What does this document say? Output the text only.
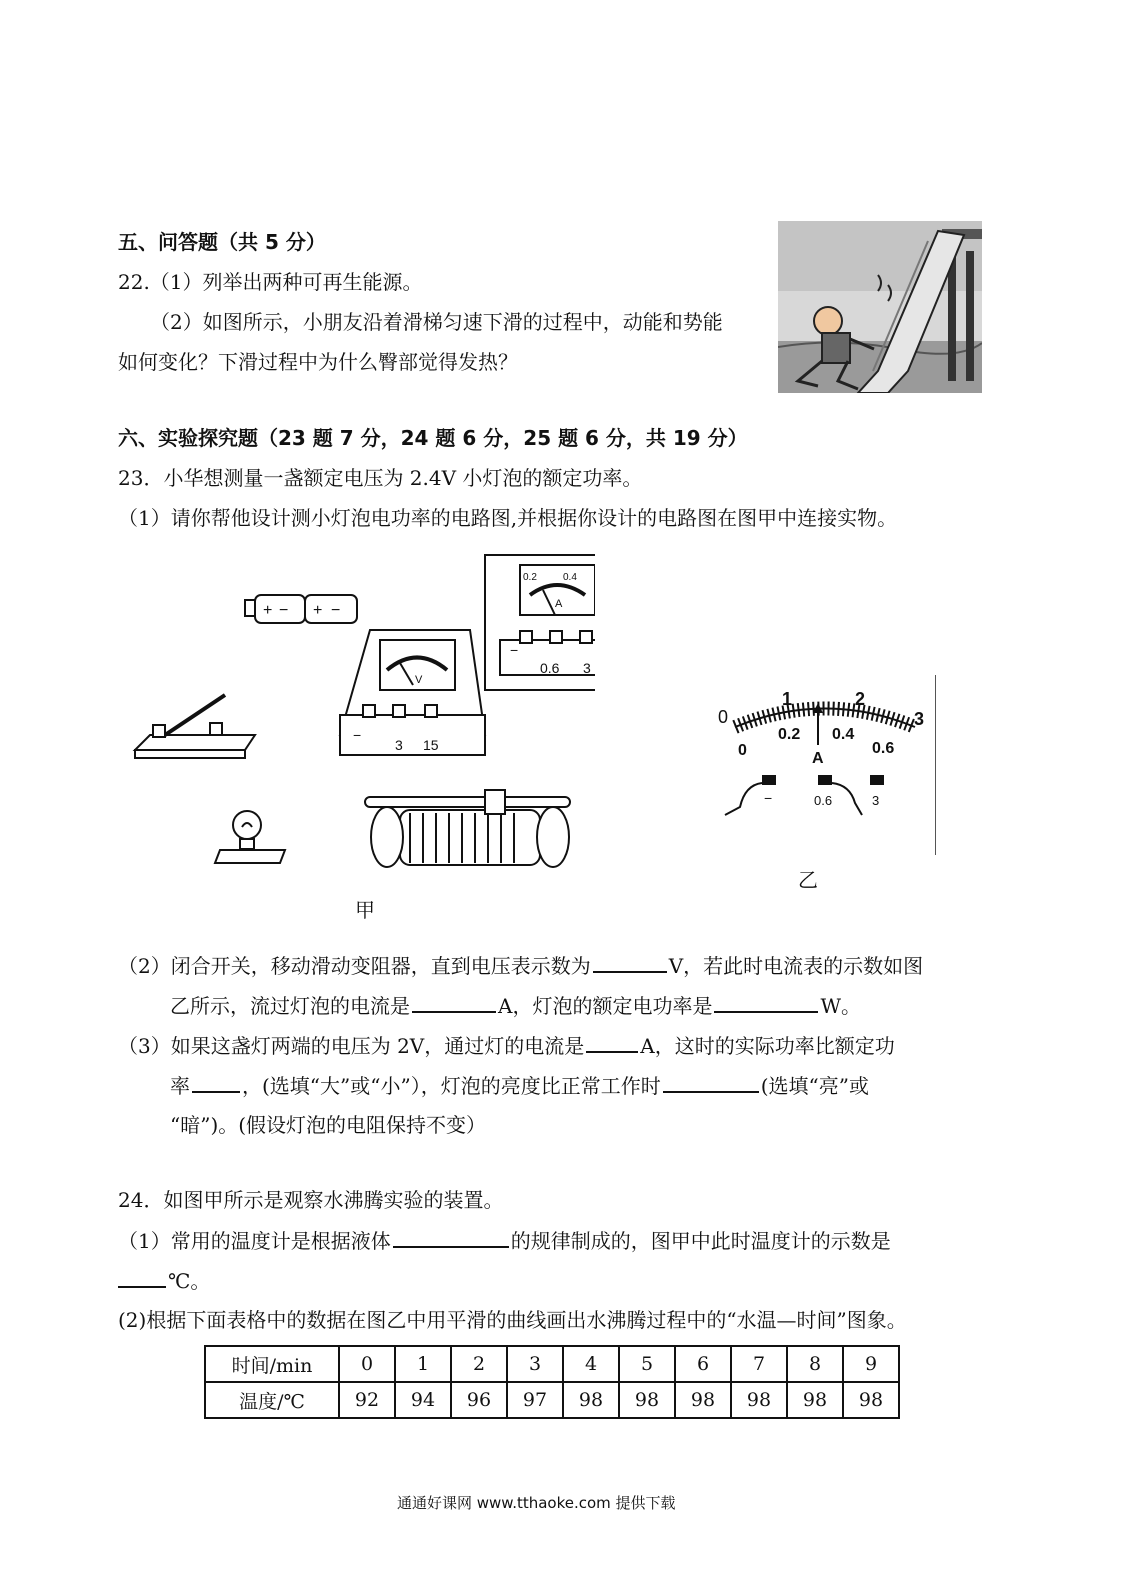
五、问答题（共 5 分）
22.（1）列举出两种可再生能源。
（2）如图所示，小朋友沿着滑梯匀速下滑的过程中，动能和势能
如何变化？下滑过程中为什么臀部觉得发热？
六、实验探究题（23 题 7 分，24 题 6 分，25 题 6 分，共 19 分）
23．小华想测量一盏额定电压为 2.4V 小灯泡的额定功率。
（1）请你帮他设计测小灯泡电功率的电路图,并根据你设计的电路图在图甲中连接实物。
+ − + −
0.2	0.4
A
0.6 3
−
V
3 15
−
甲
0
1	2
3
0
0.2 0.4
0.6
A
−	0.6	3
乙
（2）闭合开关，移动滑动变阻器，直到电压表示数为	V，若此时电流表的示数如图
乙所示，流过灯泡的电流是	A，灯泡的额定电功率是	W。
（3）如果这盏灯两端的电压为 2V，通过灯的电流是	A，这时的实际功率比额定功
率	，(选填“大”或“小”），灯泡的亮度比正常工作时	(选填“亮”或
“暗”)。(假设灯泡的电阻保持不变）
24．如图甲所示是观察水沸腾实验的装置。
（1）常用的温度计是根据液体	的规律制成的，图甲中此时温度计的示数是
℃。
(2)根据下面表格中的数据在图乙中用平滑的曲线画出水沸腾过程中的“水温—时间”图象。
时间/min	0	1	2	3	4	5	6	7	8	9
温度/℃	92	94	96	97	98	98	98	98	98	98
通通好课网 www.tthaoke.com 提供下载
